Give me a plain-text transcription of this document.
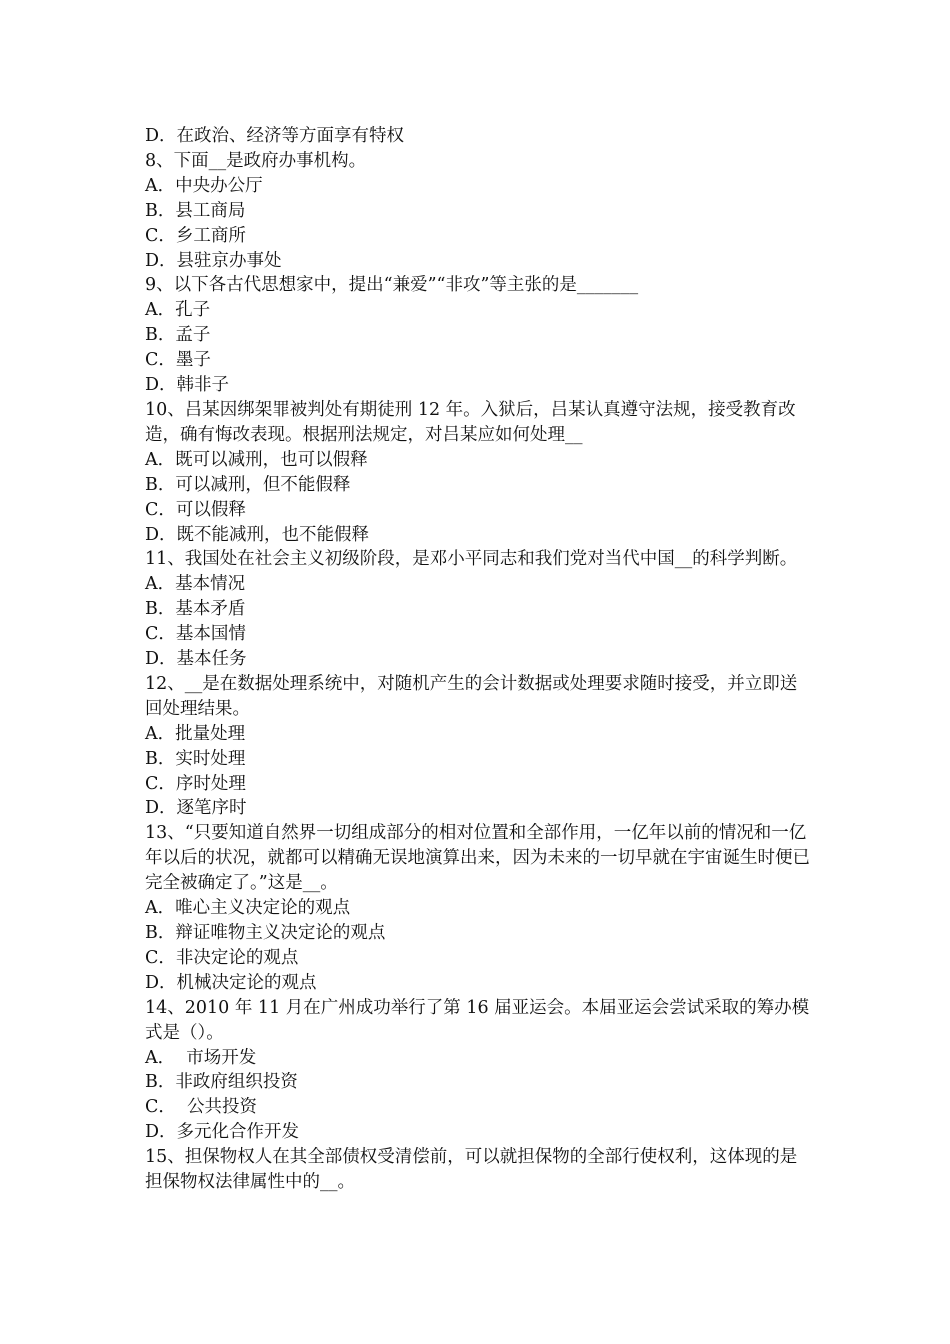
D．在政治、经济等方面享有特权

8、下面__是政府办事机构。

A．中央办公厅

B．县工商局

C．乡工商所

D．县驻京办事处

9、以下各古代思想家中，提出“兼爱”“非攻”等主张的是_______

A．孔子

B．孟子

C．墨子

D．韩非子

10、吕某因绑架罪被判处有期徒刑 12 年。入狱后，吕某认真遵守法规，接受教育改造，确有悔改表现。根据刑法规定，对吕某应如何处理__

A．既可以减刑，也可以假释

B．可以减刑，但不能假释

C．可以假释

D．既不能减刑，也不能假释

11、我国处在社会主义初级阶段，是邓小平同志和我们党对当代中国__的科学判断。

A．基本情况

B．基本矛盾

C．基本国情

D．基本任务

12、__是在数据处理系统中，对随机产生的会计数据或处理要求随时接受，并立即送回处理结果。

A．批量处理

B．实时处理

C．序时处理

D．逐笔序时

13、“只要知道自然界一切组成部分的相对位置和全部作用，一亿年以前的情况和一亿年以后的状况，就都可以精确无误地演算出来，因为未来的一切早就在宇宙诞生时便已完全被确定了。”这是__。

A．唯心主义决定论的观点

B．辩证唯物主义决定论的观点

C．非决定论的观点

D．机械决定论的观点

14、2010 年 11 月在广州成功举行了第 16 届亚运会。本届亚运会尝试采取的筹办模式是（）。

A．  市场开发

B．非政府组织投资

C．  公共投资

D．多元化合作开发

15、担保物权人在其全部债权受清偿前，可以就担保物的全部行使权利，这体现的是担保物权法律属性中的__。
